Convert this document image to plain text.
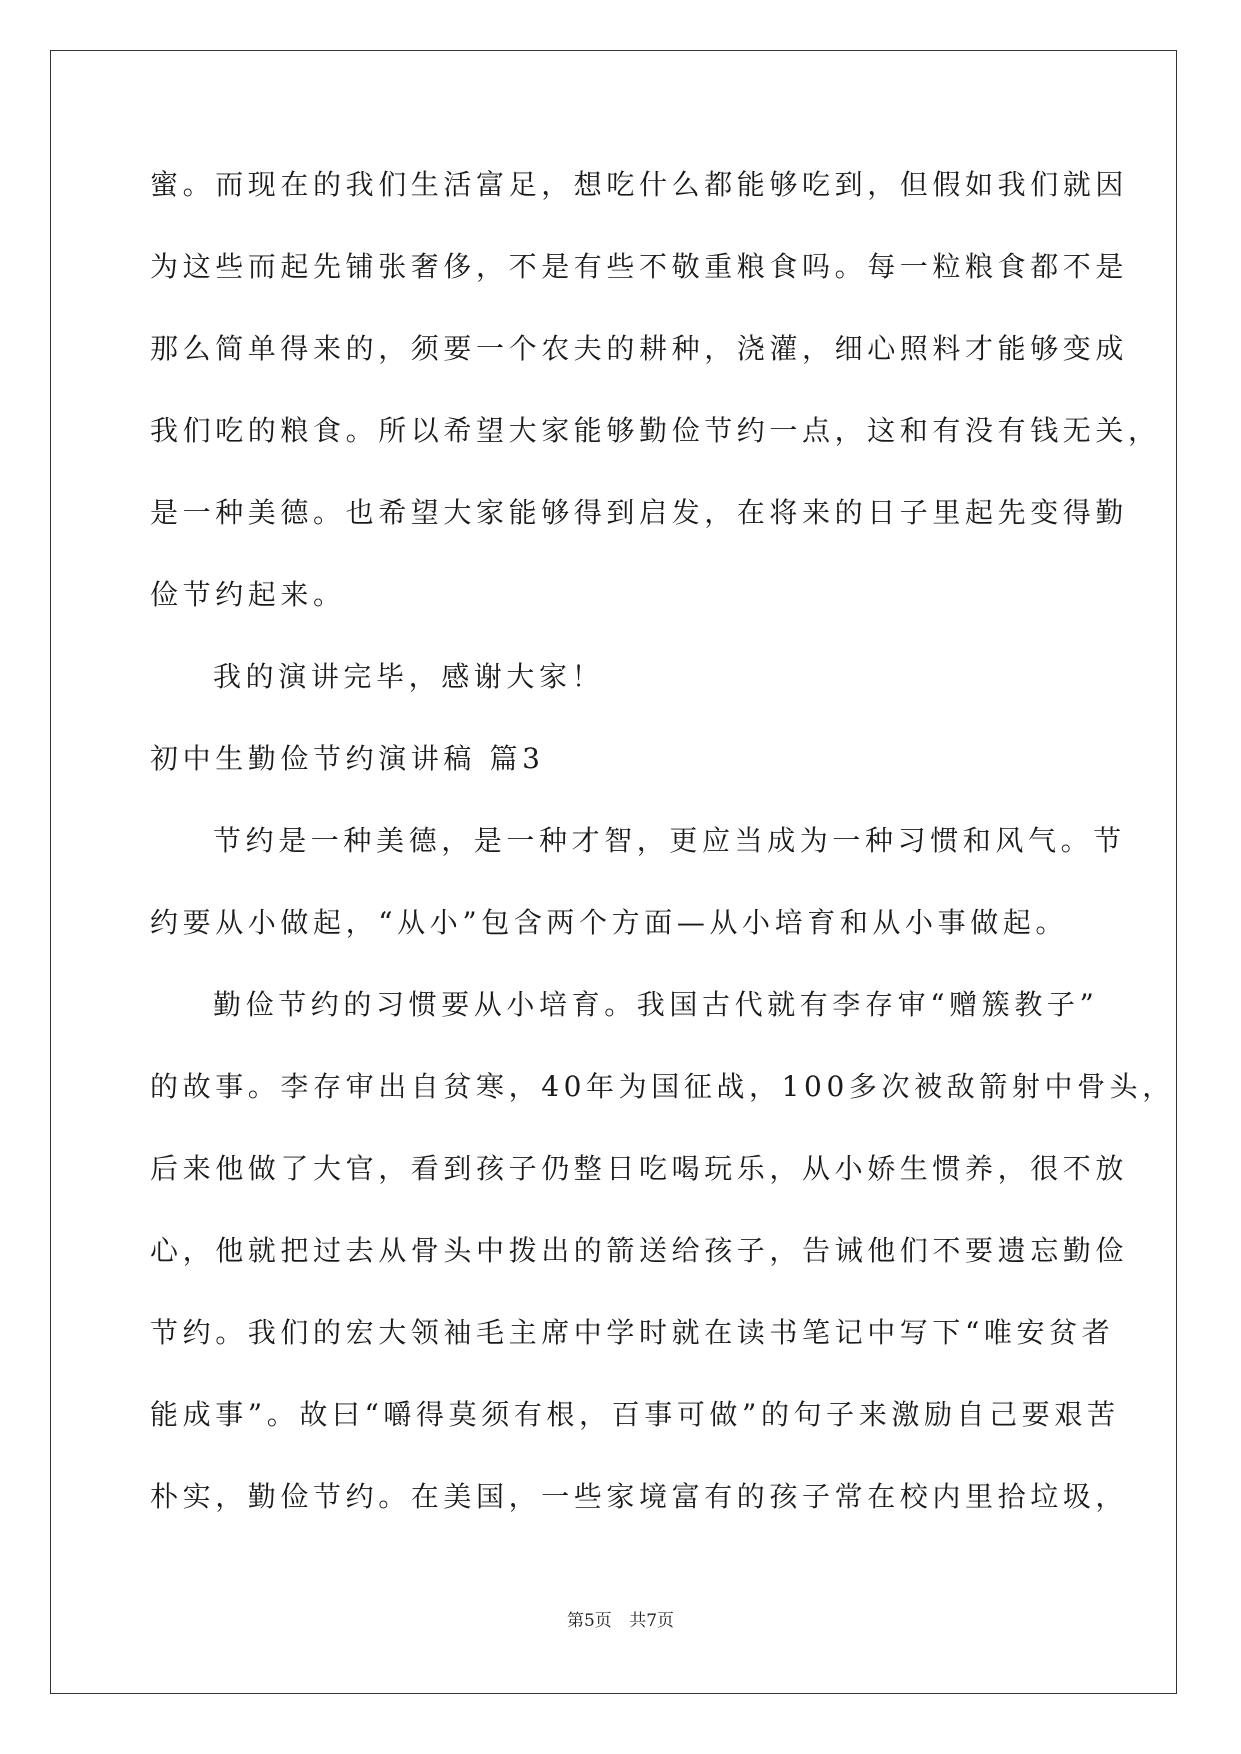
蜜。而现在的我们生活富足，想吃什么都能够吃到，但假如我们就因
为这些而起先铺张奢侈，不是有些不敬重粮食吗。每一粒粮食都不是
那么简单得来的，须要一个农夫的耕种，浇灌，细心照料才能够变成
我们吃的粮食。所以希望大家能够勤俭节约一点，这和有没有钱无关，
是一种美德。也希望大家能够得到启发，在将来的日子里起先变得勤
俭节约起来。
我的演讲完毕，感谢大家！
初中生勤俭节约演讲稿 篇3
节约是一种美德，是一种才智，更应当成为一种习惯和风气。节
约要从小做起，“从小”包含两个方面—从小培育和从小事做起。
勤俭节约的习惯要从小培育。我国古代就有李存审“赠簇教子”
的故事。李存审出自贫寒，40年为国征战，100多次被敌箭射中骨头，
后来他做了大官，看到孩子仍整日吃喝玩乐，从小娇生惯养，很不放
心，他就把过去从骨头中拨出的箭送给孩子，告诫他们不要遗忘勤俭
节约。我们的宏大领袖毛主席中学时就在读书笔记中写下“唯安贫者
能成事”。故曰“嚼得莫须有根，百事可做”的句子来激励自己要艰苦
朴实，勤俭节约。在美国，一些家境富有的孩子常在校内里拾垃圾，
第5页 共7页
